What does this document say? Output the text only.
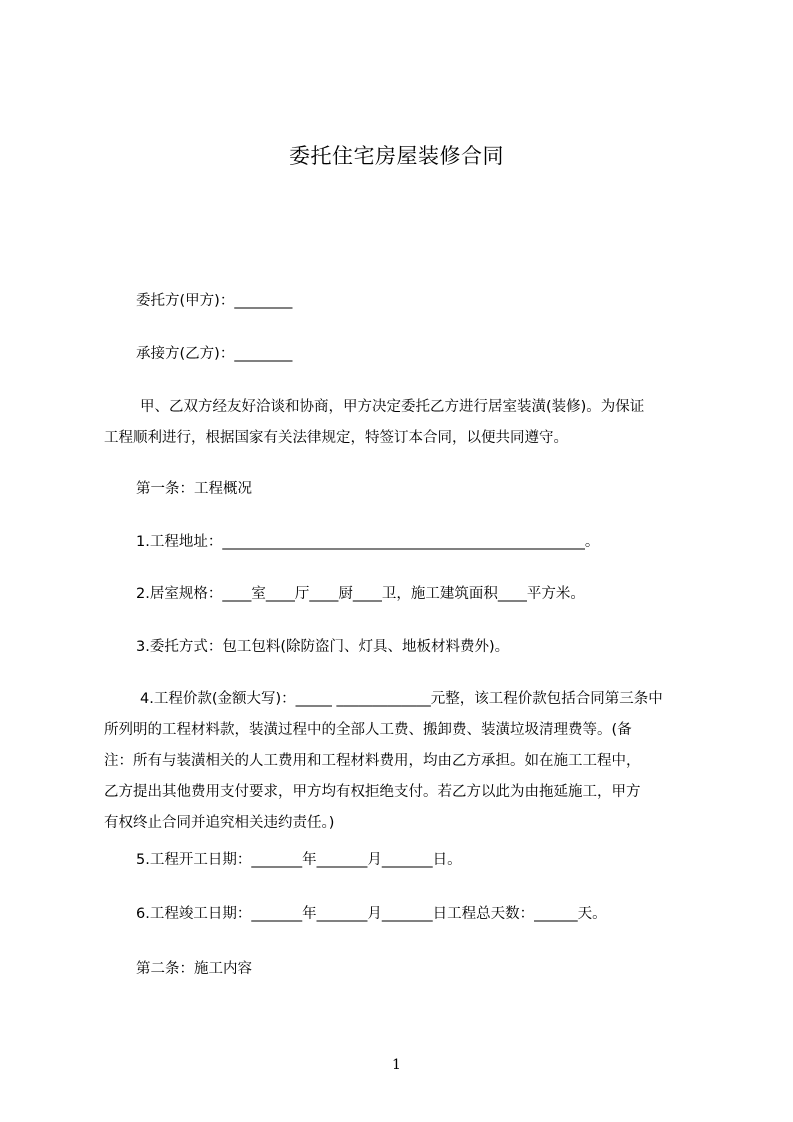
委托住宅房屋装修合同
委托方(甲方)：________
承接方(乙方)：________
甲、乙双方经友好洽谈和协商，甲方决定委托乙方进行居室装潢(装修)。为保证
工程顺利进行，根据国家有关法律规定，特签订本合同，以便共同遵守。
第一条：工程概况
1.工程地址：__________________________________________________。
2.居室规格：____室____厅____厨____卫，施工建筑面积____平方米。
3.委托方式：包工包料(除防盗门、灯具、地板材料费外)。
4.工程价款(金额大写)：_____ _____________元整，该工程价款包括合同第三条中
所列明的工程材料款，装潢过程中的全部人工费、搬卸费、装潢垃圾清理费等。(备
注：所有与装潢相关的人工费用和工程材料费用，均由乙方承担。如在施工工程中，
乙方提出其他费用支付要求，甲方均有权拒绝支付。若乙方以此为由拖延施工，甲方
有权终止合同并追究相关违约责任。)
5.工程开工日期：_______年_______月_______日。
6.工程竣工日期：_______年_______月_______日工程总天数：______天。
第二条：施工内容
1
